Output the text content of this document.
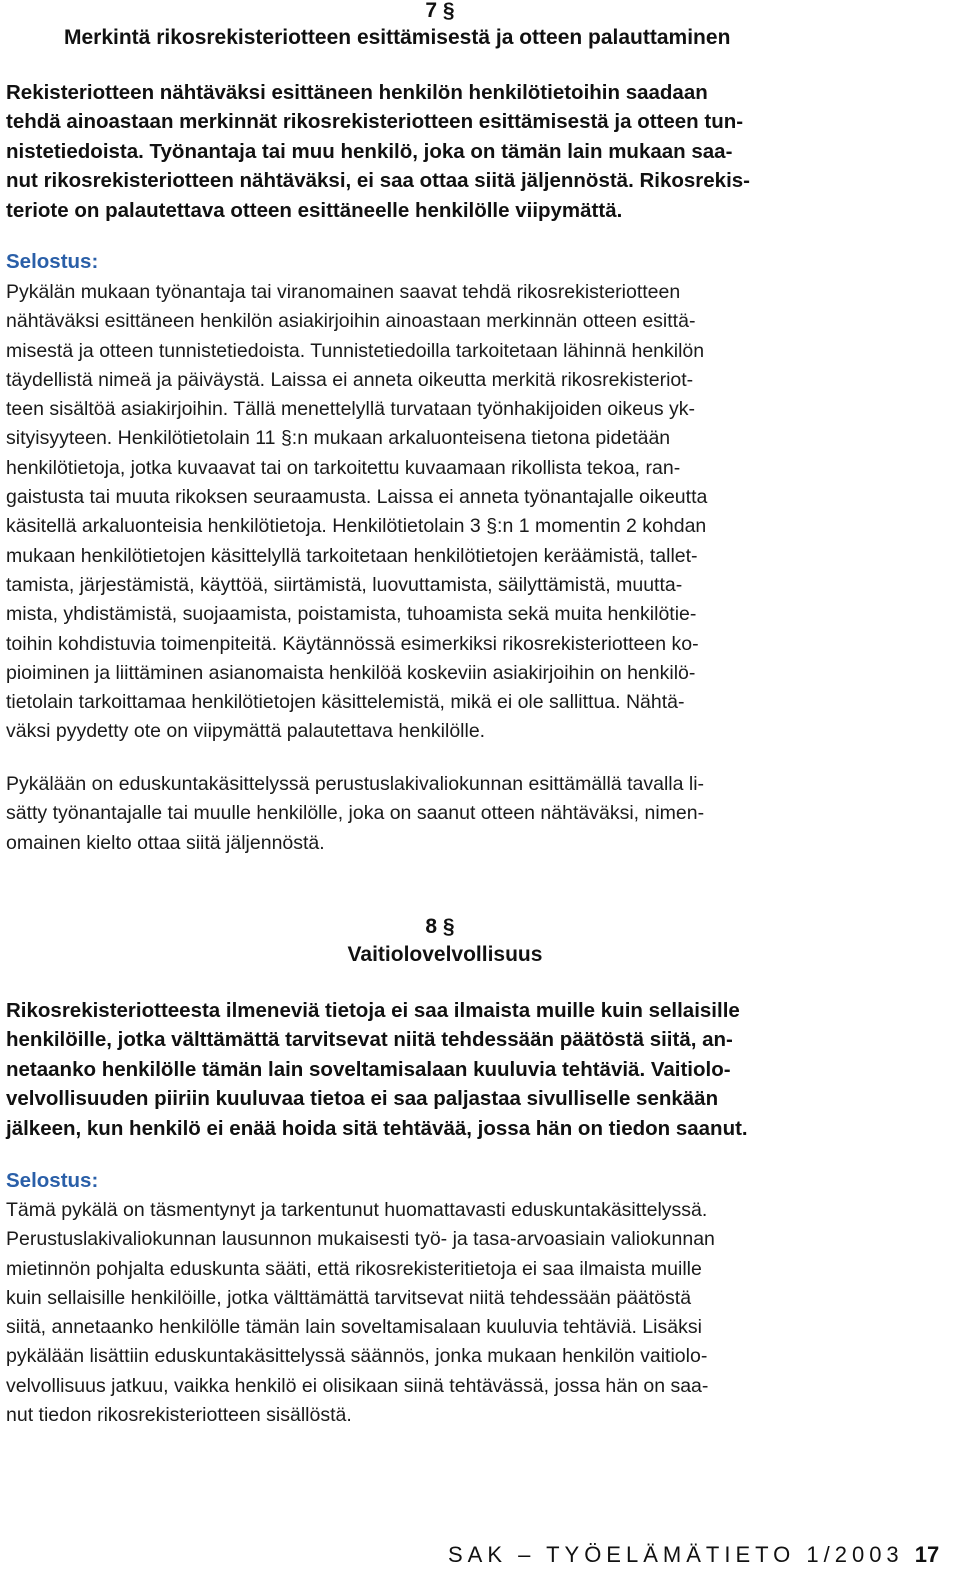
7 §
Merkintä rikosrekisteriotteen esittämisestä ja otteen palauttaminen
Rekisteriotteen nähtäväksi esittäneen henkilön henkilötietoihin saadaan
tehdä ainoastaan merkinnät rikosrekisteriotteen esittämisestä ja otteen tun-
nistetiedoista. Työnantaja tai muu henkilö, joka on tämän lain mukaan saa-
nut rikosrekisteriotteen nähtäväksi, ei saa ottaa siitä jäljennöstä. Rikosrekis-
teriote on palautettava otteen esittäneelle henkilölle viipymättä.
Selostus:
Pykälän mukaan työnantaja tai viranomainen saavat tehdä rikosrekisteriotteen
nähtäväksi esittäneen henkilön asiakirjoihin ainoastaan merkinnän otteen esittä-
misestä ja otteen tunnistetiedoista. Tunnistetiedoilla tarkoitetaan lähinnä henkilön
täydellistä nimeä ja päiväystä. Laissa ei anneta oikeutta merkitä rikosrekisteriot-
teen sisältöä asiakirjoihin. Tällä menettelyllä turvataan työnhakijoiden oikeus yk-
sityisyyteen. Henkilötietolain 11 §:n mukaan arkaluonteisena tietona pidetään
henkilötietoja, jotka kuvaavat tai on tarkoitettu kuvaamaan rikollista tekoa, ran-
gaistusta tai muuta rikoksen seuraamusta. Laissa ei anneta työnantajalle oikeutta
käsitellä arkaluonteisia henkilötietoja. Henkilötietolain 3 §:n 1 momentin 2 kohdan
mukaan henkilötietojen käsittelyllä tarkoitetaan henkilötietojen keräämistä, tallet-
tamista, järjestämistä, käyttöä, siirtämistä, luovuttamista, säilyttämistä, muutta-
mista, yhdistämistä, suojaamista, poistamista, tuhoamista sekä muita henkilötie-
toihin kohdistuvia toimenpiteitä. Käytännössä esimerkiksi rikosrekisteriotteen ko-
pioiminen ja liittäminen asianomaista henkilöä koskeviin asiakirjoihin on henkilö-
tietolain tarkoittamaa henkilötietojen käsittelemistä, mikä ei ole sallittua. Nähtä-
väksi pyydetty ote on viipymättä palautettava henkilölle.
Pykälään on eduskuntakäsittelyssä perustuslakivaliokunnan esittämällä tavalla li-
sätty työnantajalle tai muulle henkilölle, joka on saanut otteen nähtäväksi, nimen-
omainen kielto ottaa siitä jäljennöstä.
8 §
Vaitiolovelvollisuus
Rikosrekisteriotteesta ilmeneviä tietoja ei saa ilmaista muille kuin sellaisille
henkilöille, jotka välttämättä tarvitsevat niitä tehdessään päätöstä siitä, an-
netaanko henkilölle tämän lain soveltamisalaan kuuluvia tehtäviä. Vaitiolo-
velvollisuuden piiriin kuuluvaa tietoa ei saa paljastaa sivulliselle senkään
jälkeen, kun henkilö ei enää hoida sitä tehtävää, jossa hän on tiedon saanut.
Selostus:
Tämä pykälä on täsmentynyt ja tarkentunut huomattavasti eduskuntakäsittelyssä.
Perustuslakivaliokunnan lausunnon mukaisesti työ- ja tasa-arvoasiain valiokunnan
mietinnön pohjalta eduskunta sääti, että rikosrekisteritietoja ei saa ilmaista muille
kuin sellaisille henkilöille, jotka välttämättä tarvitsevat niitä tehdessään päätöstä
siitä, annetaanko henkilölle tämän lain soveltamisalaan kuuluvia tehtäviä. Lisäksi
pykälään lisättiin eduskuntakäsittelyssä säännös, jonka mukaan henkilön vaitiolo-
velvollisuus jatkuu, vaikka henkilö ei olisikaan siinä tehtävässä, jossa hän on saa-
nut tiedon rikosrekisteriotteen sisällöstä.
SAK – TYÖELÄMÄTIETO 1/2003 17
